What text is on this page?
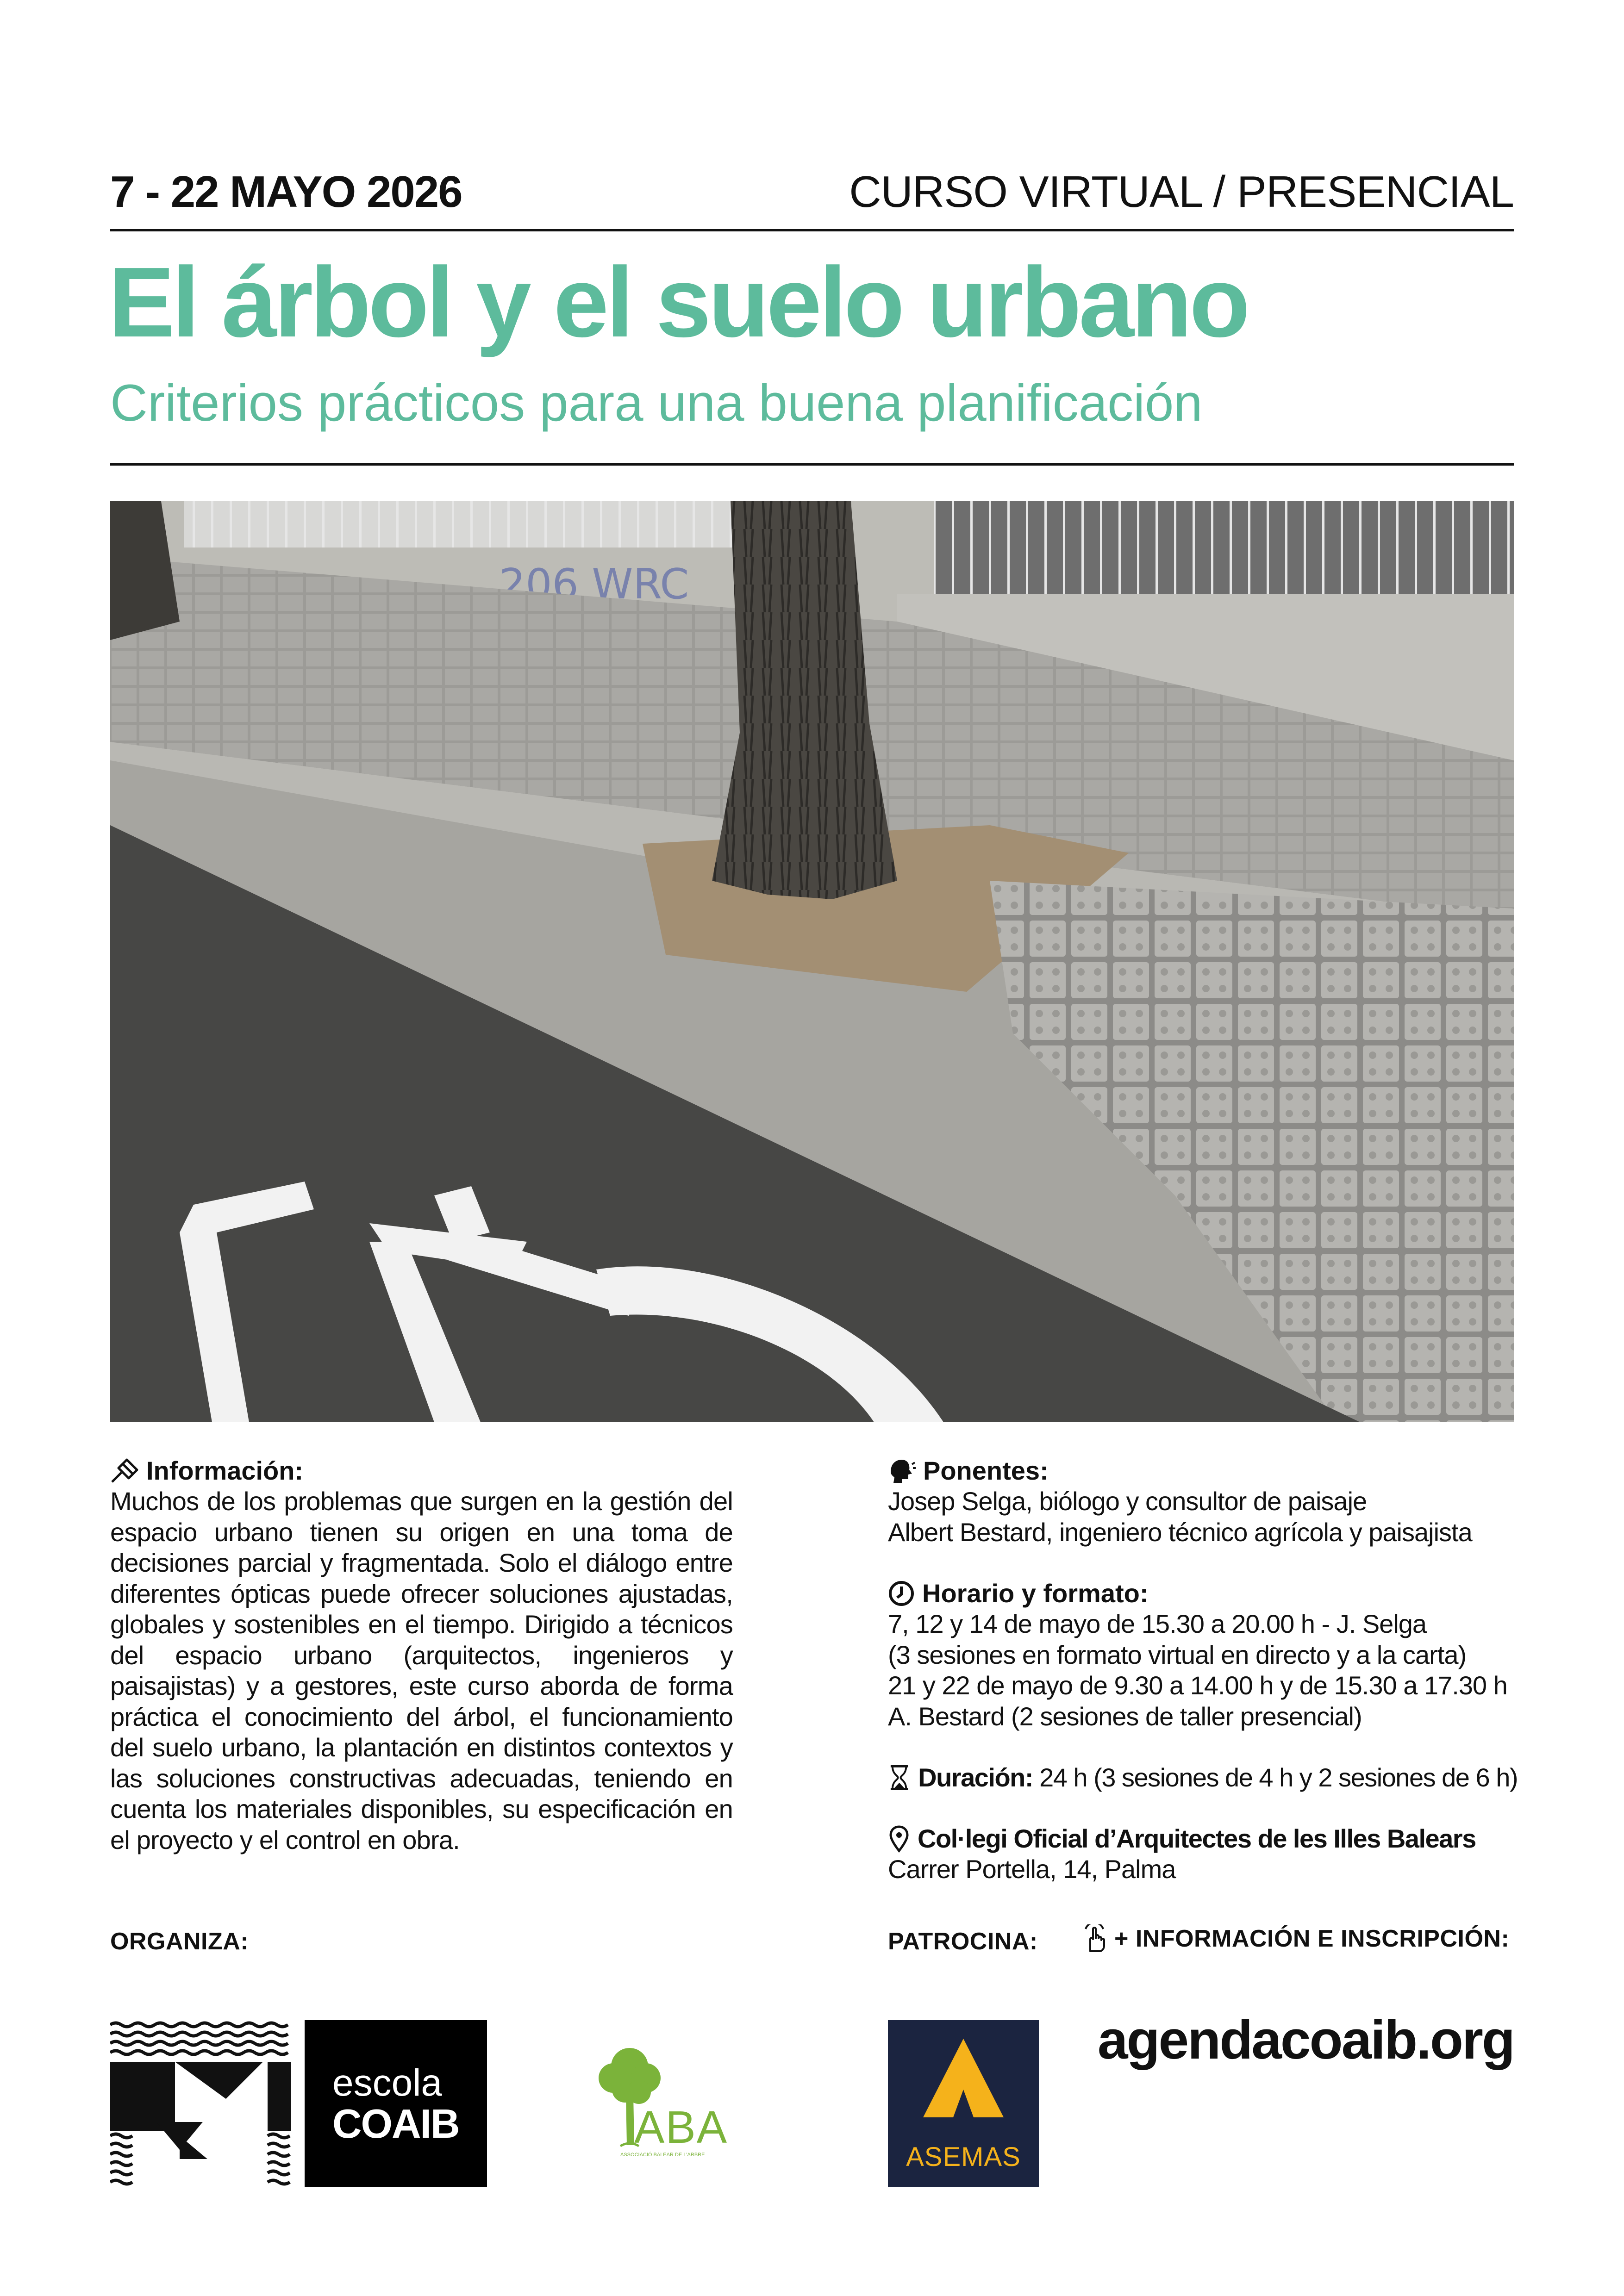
7 - 22 MAYO 2026	CURSO VIRTUAL / PRESENCIAL
El árbol y el suelo urbano
Criterios prácticos para una buena planificación
206 WRC
Información:
Muchos de los problemas que surgen en la gestión del espacio urbano tienen su origen en una toma de decisiones parcial y fragmentada. Solo el diálogo entre diferentes ópticas puede ofrecer soluciones ajustadas, globales y sostenibles en el tiempo. Dirigido a técnicos del espacio urbano (arquitectos, ingenieros y paisajistas) y a gestores, este curso aborda de forma práctica el conocimiento del árbol, el funcionamiento del suelo urbano, la plantación en distintos contextos y las soluciones constructivas adecuadas, teniendo en cuenta los materiales disponibles, su especificación en el proyecto y el control en obra.
Ponentes:
Josep Selga, biólogo y consultor de paisaje
Albert Bestard, ingeniero técnico agrícola y paisajista
Horario y formato:
7, 12 y 14 de mayo de 15.30 a 20.00 h - J. Selga
(3 sesiones en formato virtual en directo y a la carta)
21 y 22 de mayo de 9.30 a 14.00 h y de 15.30 a 17.30 h
A. Bestard (2 sesiones de taller presencial)
Duración: 24 h (3 sesiones de 4 h y 2 sesiones de 6 h)
Col·legi Oficial d’Arquitectes de les Illes Balears
Carrer Portella, 14, Palma
ORGANIZA:	PATROCINA:	+ INFORMACIÓN E INSCRIPCIÓN:
agendacoaib.org
escola
COAIB	ABA
ASSOCIACIÓ BALEAR DE L'ARBRE	ASEMAS
